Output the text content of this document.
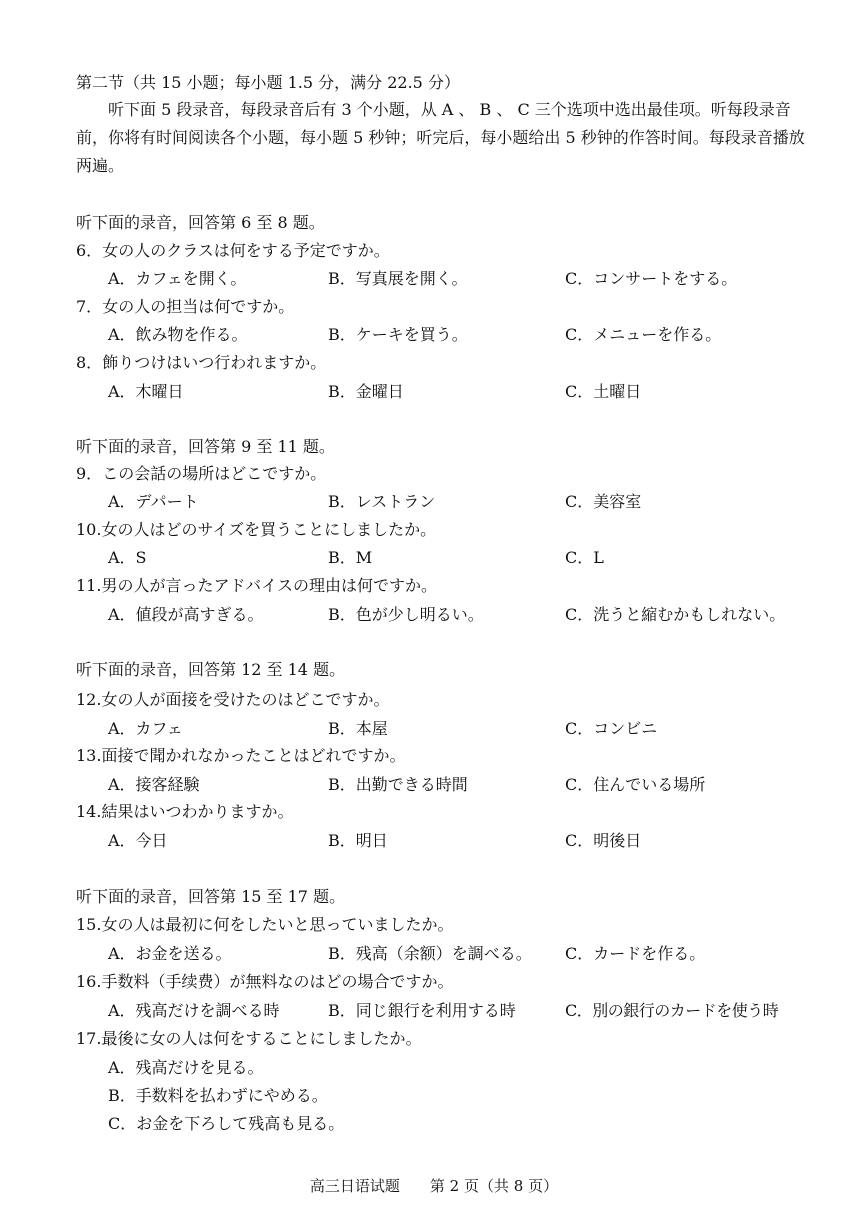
第二节（共 15 小题；每小题 1.5 分，满分 22.5 分）
听下面 5 段录音，每段录音后有 3 个小题，从 A 、 B 、 C 三个选项中选出最佳项。听每段录音前，你将有时间阅读各个小题，每小题 5 秒钟；听完后，每小题给出 5 秒钟的作答时间。每段录音播放两遍。
听下面的录音，回答第 6 至 8 题。
6．女の人のクラスは何をする予定ですか。
A．カフェを開く。	B．写真展を開く。	C．コンサートをする。
7．女の人の担当は何ですか。
A．飲み物を作る。	B．ケーキを買う。	C．メニューを作る。
8．飾りつけはいつ行われますか。
A．木曜日	B．金曜日	C．土曜日
听下面的录音，回答第 9 至 11 题。
9．この会話の場所はどこですか。
A．デパート	B．レストラン	C．美容室
10.女の人はどのサイズを買うことにしましたか。
A．S	B．M	C．L
11.男の人が言ったアドバイスの理由は何ですか。
A．値段が高すぎる。	B．色が少し明るい。	C．洗うと縮むかもしれない。
听下面的录音，回答第 12 至 14 题。
12.女の人が面接を受けたのはどこですか。
A．カフェ	B．本屋	C．コンビニ
13.面接で聞かれなかったことはどれですか。
A．接客経験	B．出勤できる時間	C．住んでいる場所
14.結果はいつわかりますか。
A．今日	B．明日	C．明後日
听下面的录音，回答第 15 至 17 题。
15.女の人は最初に何をしたいと思っていましたか。
A．お金を送る。	B．残高（余额）を調べる。 C．カードを作る。
16.手数料（手续费）が無料なのはどの場合ですか。
A．残高だけを調べる時	B．同じ銀行を利用する時	C．別の銀行のカードを使う時
17.最後に女の人は何をすることにしましたか。
A．残高だけを見る。
B．手数料を払わずにやめる。
C．お金を下ろして残高も見る。
高三日语试题　　第 2 页（共 8 页）
